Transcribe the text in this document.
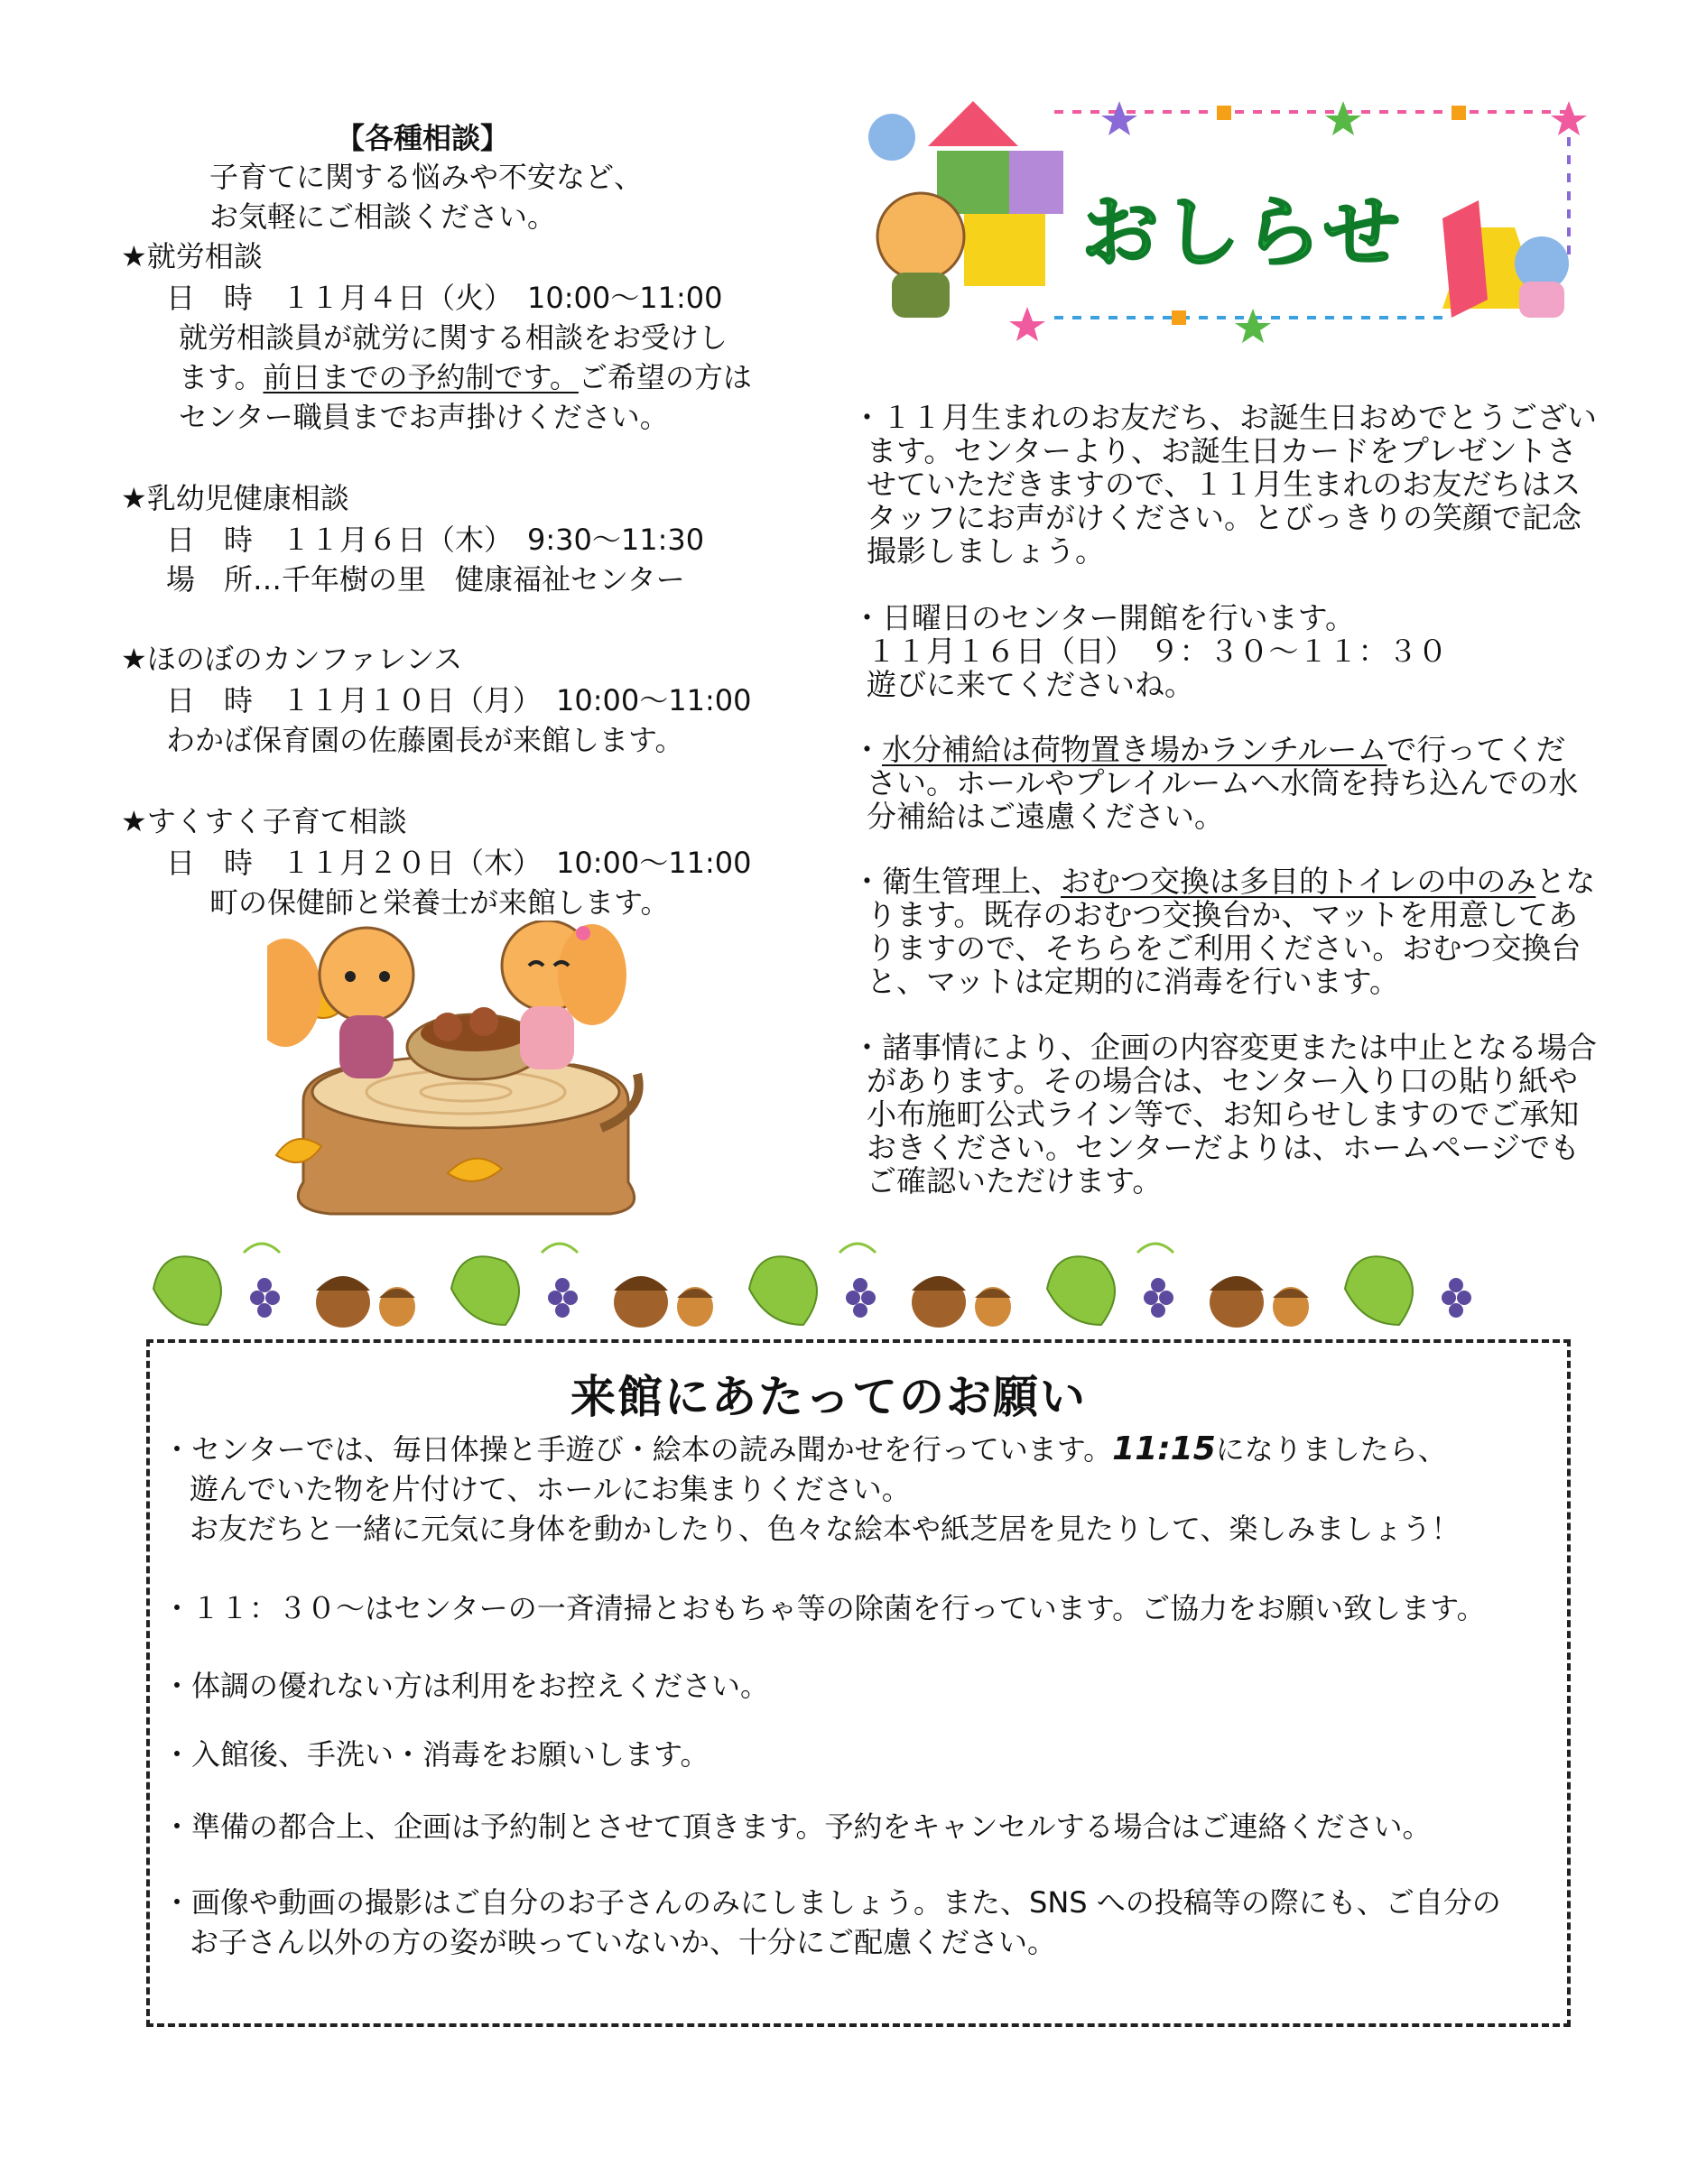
【各種相談】
子育てに関する悩みや不安など、
お気軽にご相談ください。
★就労相談
日　時　１１月４日（火）　10:00～11:00
就労相談員が就労に関する相談をお受けし
ます。前日までの予約制です。ご希望の方は
センター職員までお声掛けください。
★乳幼児健康相談
日　時　１１月６日（木）　9:30～11:30
場　所…千年樹の里　健康福祉センター
★ほのぼのカンファレンス
日　時　１１月１０日（月）　10:00～11:00
わかば保育園の佐藤園長が来館します。
★すくすく子育て相談
日　時　１１月２０日（木）　10:00～11:00
町の保健師と栄養士が来館します。
おしらせ
・１１月生まれのお友だち、お誕生日おめでとうござい
ます。センターより、お誕生日カードをプレゼントさ
せていただきますので、１１月生まれのお友だちはス
タッフにお声がけください。とびっきりの笑顔で記念
撮影しましょう。
・日曜日のセンター開館を行います。
１１月１６日（日）　９：３０～１１：３０
遊びに来てくださいね。
・水分補給は荷物置き場かランチルームで行ってくだ
さい。ホールやプレイルームへ水筒を持ち込んでの水
分補給はご遠慮ください。
・衛生管理上、おむつ交換は多目的トイレの中のみとな
ります。既存のおむつ交換台か、マットを用意してあ
りますので、そちらをご利用ください。おむつ交換台
と、マットは定期的に消毒を行います。
・諸事情により、企画の内容変更または中止となる場合
があります。その場合は、センター入り口の貼り紙や
小布施町公式ライン等で、お知らせしますのでご承知
おきください。センターだよりは、ホームページでも
ご確認いただけます。
来館にあたってのお願い
・センターでは、毎日体操と手遊び・絵本の読み聞かせを行っています。11:15になりましたら、
遊んでいた物を片付けて、ホールにお集まりください。
お友だちと一緒に元気に身体を動かしたり、色々な絵本や紙芝居を見たりして、楽しみましょう！
・１１：３０～はセンターの一斉清掃とおもちゃ等の除菌を行っています。ご協力をお願い致します。
・体調の優れない方は利用をお控えください。
・入館後、手洗い・消毒をお願いします。
・準備の都合上、企画は予約制とさせて頂きます。予約をキャンセルする場合はご連絡ください。
・画像や動画の撮影はご自分のお子さんのみにしましょう。また、SNS への投稿等の際にも、ご自分の
お子さん以外の方の姿が映っていないか、十分にご配慮ください。
